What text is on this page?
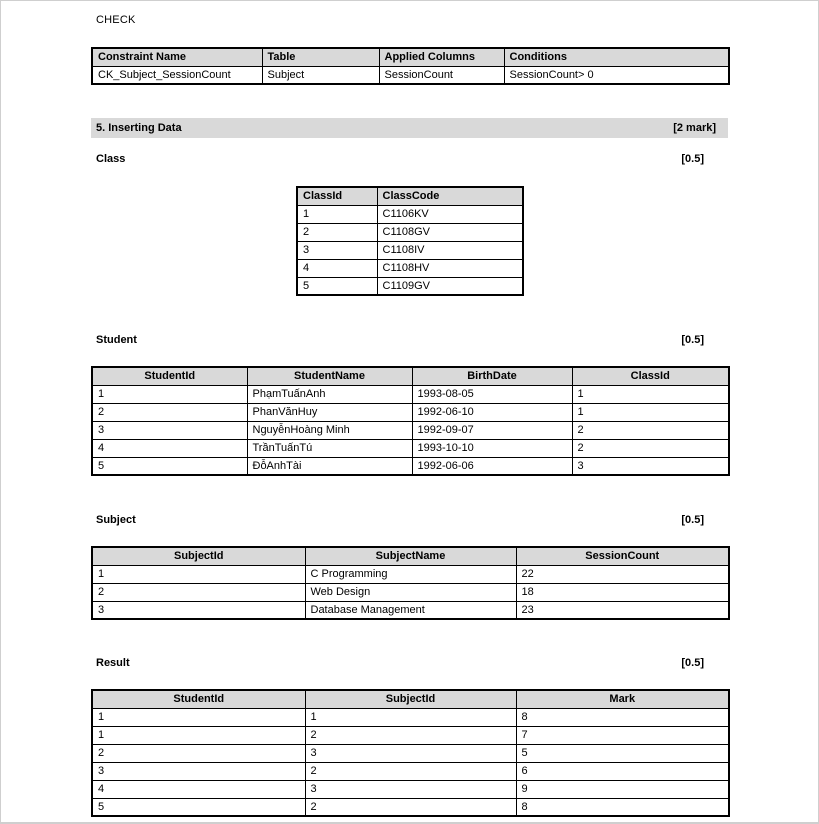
CHECK
Constraint Name	Table	Applied Columns	Conditions
CK_Subject_SessionCount	Subject	SessionCount	SessionCount> 0
5. Inserting Data	[2 mark]
Class	[0.5]
ClassId	ClassCode
1	C1106KV
2	C1108GV
3	C1108IV
4	C1108HV
5	C1109GV
Student	[0.5]
StudentId	StudentName	BirthDate	ClassId
1	PhạmTuấnAnh	1993-08-05	1
2	PhanVănHuy	1992-06-10	1
3	NguyễnHoàng Minh	1992-09-07	2
4	TrầnTuấnTú	1993-10-10	2
5	ĐỗAnhTài	1992-06-06	3
Subject	[0.5]
SubjectId	SubjectName	SessionCount
1	C Programming	22
2	Web Design	18
3	Database Management	23
Result	[0.5]
StudentId	SubjectId	Mark
1	1	8
1	2	7
2	3	5
3	2	6
4	3	9
5	2	8
